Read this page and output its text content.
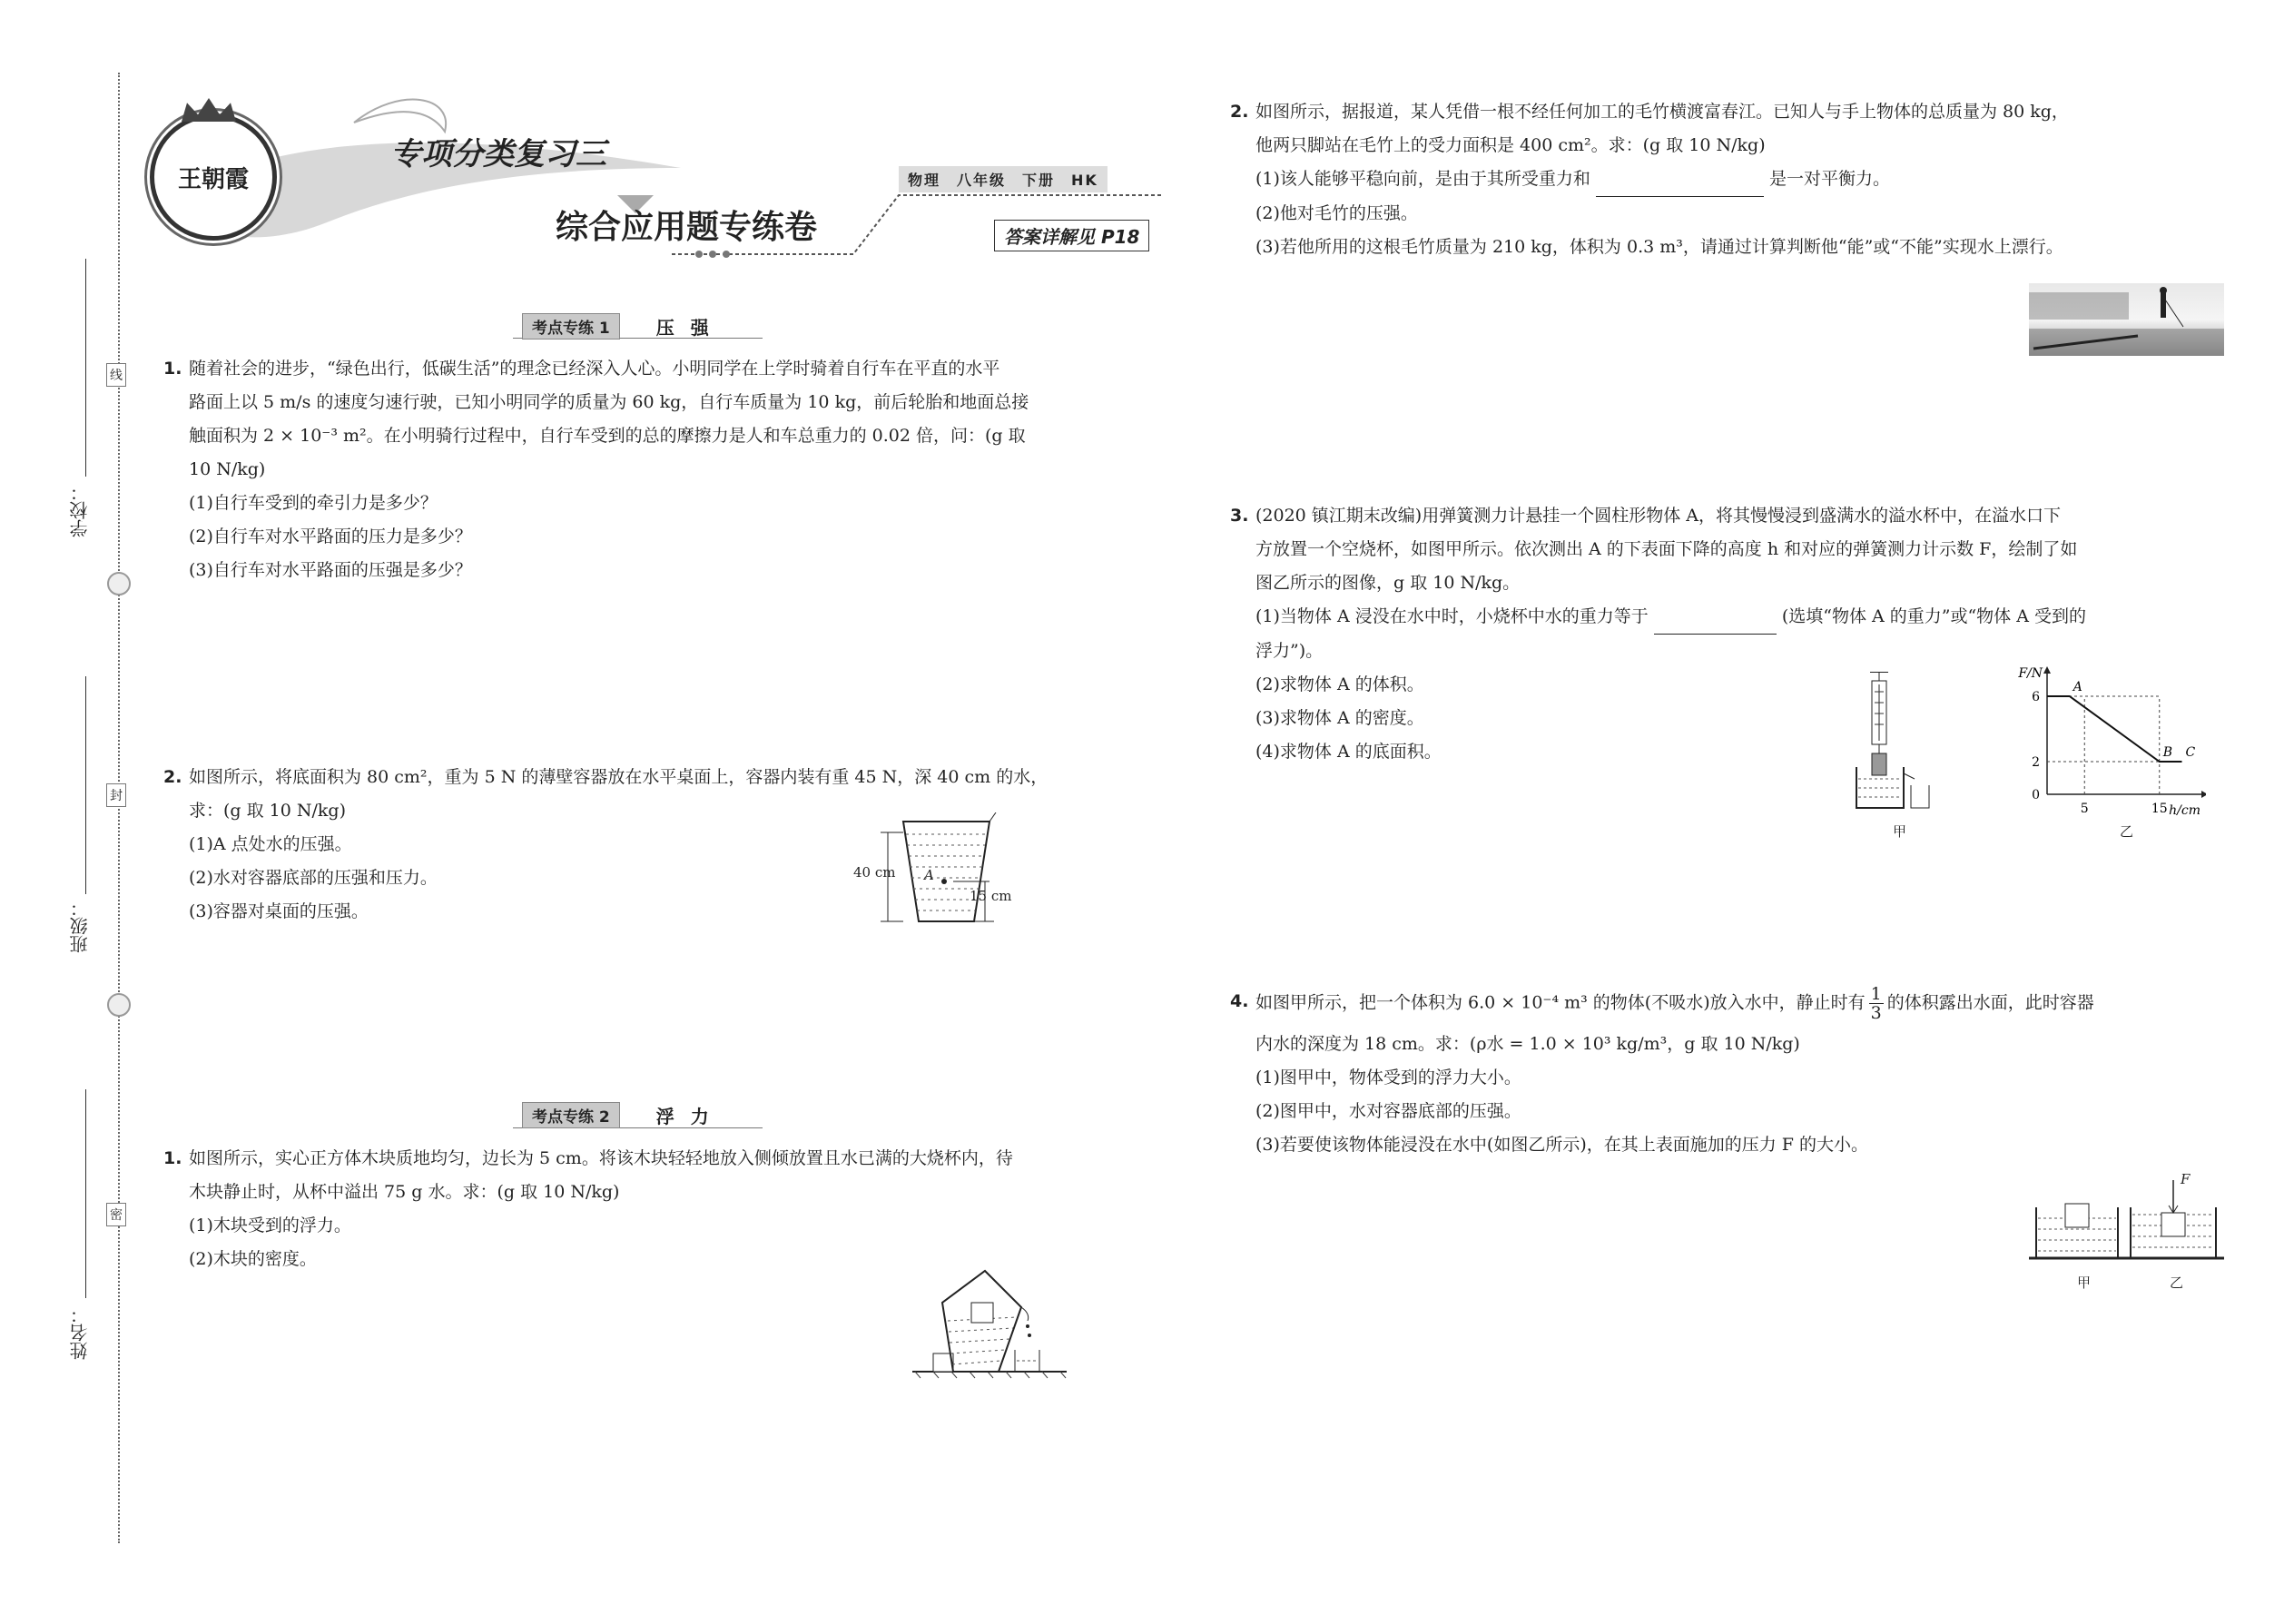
线
封
密
学校：
班级：
姓名：
王朝霞
专项分类复习三
物理　八年级　下册　HK
综合应用题专练卷	答案详解见 P18
考点专练 1	压强
1. 随着社会的进步，“绿色出行，低碳生活”的理念已经深入人心。小明同学在上学时骑着自行车在平直的水平

路面上以 5 m/s 的速度匀速行驶，已知小明同学的质量为 60 kg，自行车质量为 10 kg，前后轮胎和地面总接

触面积为 2 × 10⁻³ m²。在小明骑行过程中，自行车受到的总的摩擦力是人和车总重力的 0.02 倍，问：(g 取

10 N/kg)

(1)自行车受到的牵引力是多少？

(2)自行车对水平路面的压力是多少？

(3)自行车对水平路面的压强是多少？

2. 如图所示，将底面积为 80 cm²，重为 5 N 的薄壁容器放在水平桌面上，容器内装有重 45 N，深 40 cm 的水，

求：(g 取 10 N/kg)

(1)A 点处水的压强。

(2)水对容器底部的压强和压力。

(3)容器对桌面的压强。

40 cm A
15 cm
考点专练 2	浮力
1. 如图所示，实心正方体木块质地均匀，边长为 5 cm。将该木块轻轻地放入侧倾放置且水已满的大烧杯内，待

木块静止时，从杯中溢出 75 g 水。求：(g 取 10 N/kg)

(1)木块受到的浮力。

(2)木块的密度。

2. 如图所示，据报道，某人凭借一根不经任何加工的毛竹横渡富春江。已知人与手上物体的总质量为 80 kg，

他两只脚站在毛竹上的受力面积是 400 cm²。求：(g 取 10 N/kg)

(1)该人能够平稳向前，是由于其所受重力和	是一对平衡力。

(2)他对毛竹的压强。

(3)若他所用的这根毛竹质量为 210 kg，体积为 0.3 m³，请通过计算判断他“能”或“不能”实现水上漂行。

3. (2020 镇江期末改编)用弹簧测力计悬挂一个圆柱形物体 A，将其慢慢浸到盛满水的溢水杯中，在溢水口下

方放置一个空烧杯，如图甲所示。依次测出 A 的下表面下降的高度 h 和对应的弹簧测力计示数 F，绘制了如

图乙所示的图像，g 取 10 N/kg。

(1)当物体 A 浸没在水中时，小烧杯中水的重力等于	(选填“物体 A 的重力”或“物体 A 受到的

浮力”)。

(2)求物体 A 的体积。

(3)求物体 A 的密度。

(4)求物体 A 的底面积。

甲
F/N
h/cm
0
2
6
5	15
A
B C
乙
4. 如图甲所示，把一个体积为 6.0 × 10⁻⁴ m³ 的物体(不吸水)放入水中，静止时有 $\frac{1}{3}$ 的体积露出水面，此时容器

内水的深度为 18 cm。求：(ρ水 = 1.0 × 10³ kg/m³，g 取 10 N/kg)

(1)图甲中，物体受到的浮力大小。

(2)图甲中，水对容器底部的压强。

(3)若要使该物体能浸没在水中(如图乙所示)，在其上表面施加的压力 F 的大小。

F
甲	乙
